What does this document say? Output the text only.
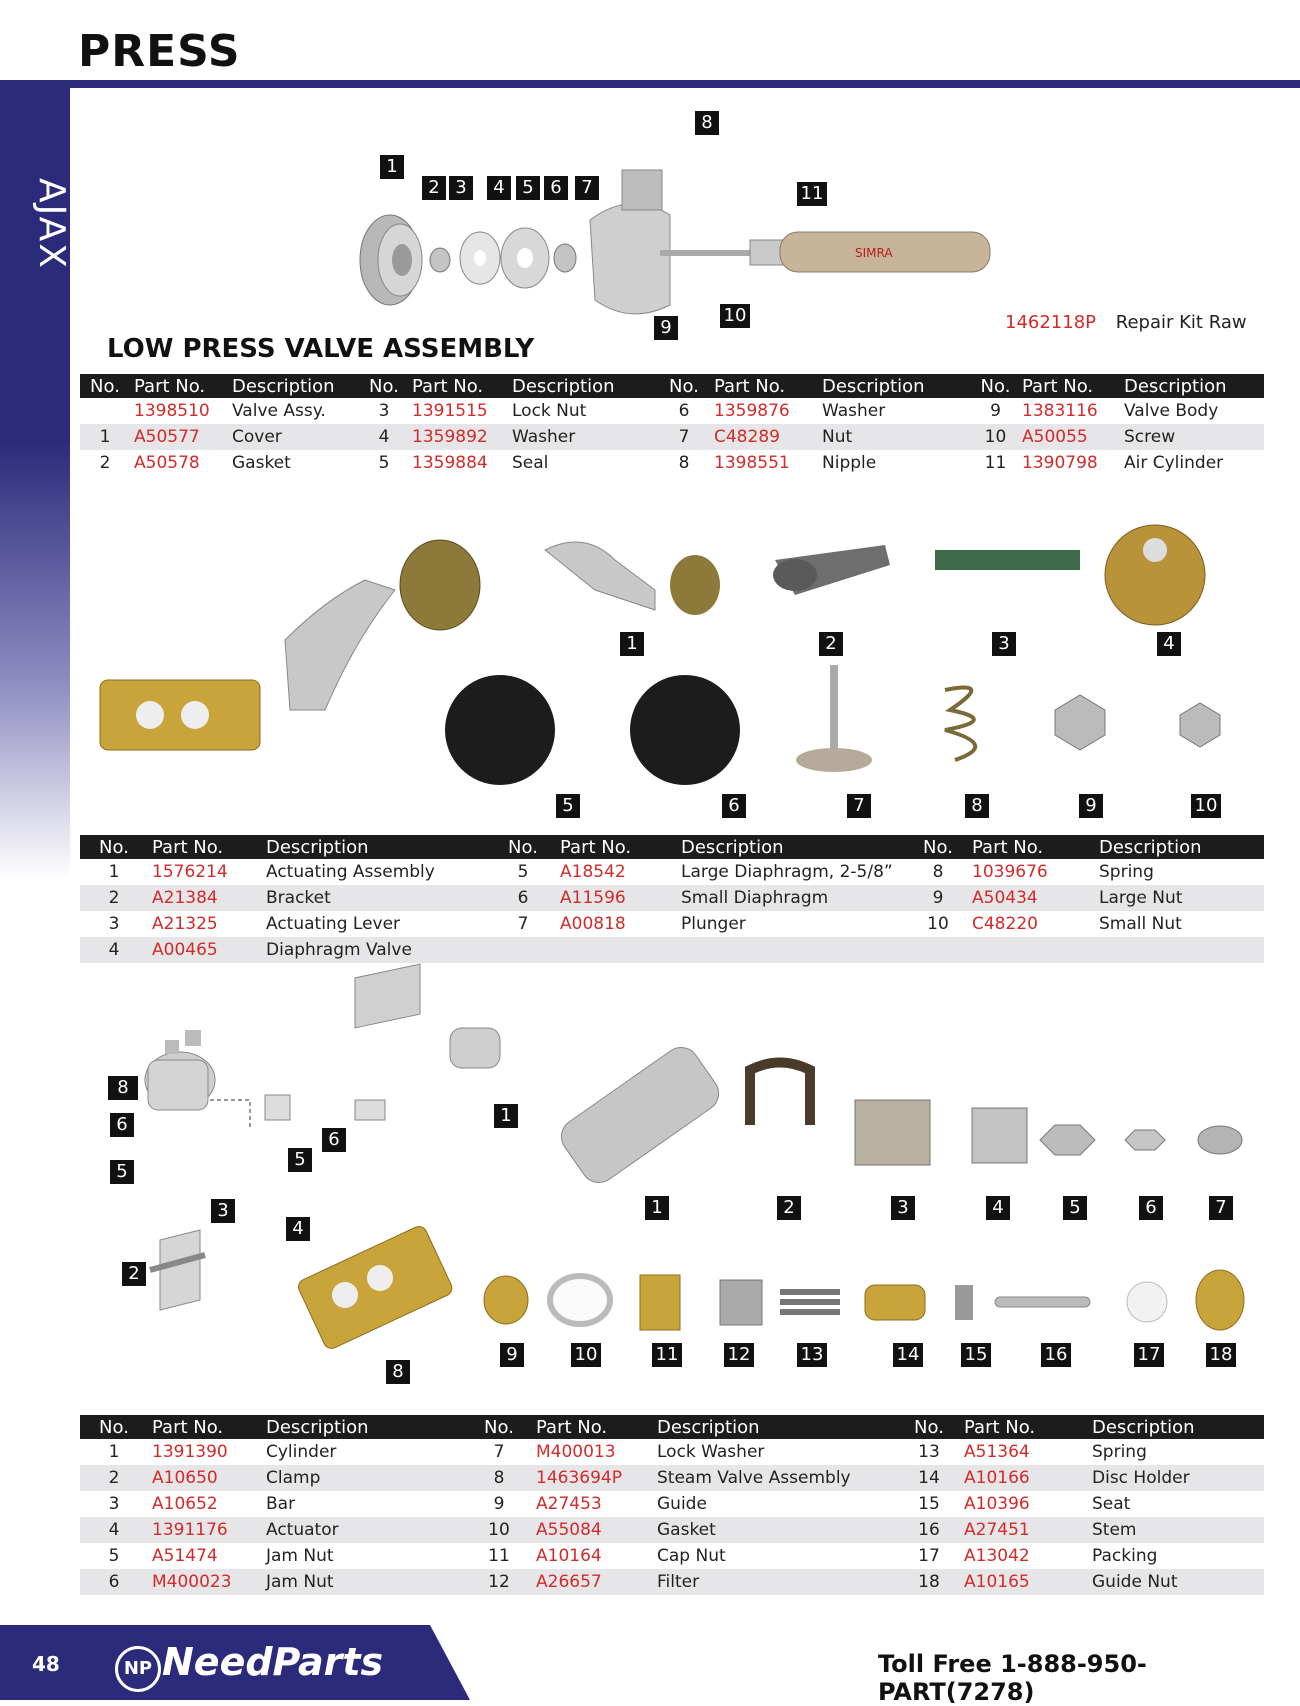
PRESS
AJAX	SIMRA
1
2 3	4 5 6	7
8
9
10
11
1462118P Repair Kit Raw
LOW PRESS VALVE ASSEMBLY
No.	Part No.	Description	No.	Part No.	Description	No.	Part No.	Description	No.	Part No.	Description
	1398510	Valve Assy.	3	1391515	Lock Nut	6	1359876	Washer	9	1383116	Valve Body
1	A50577	Cover	4	1359892	Washer	7	C48289	Nut	10	A50055	Screw
2	A50578	Gasket	5	1359884	Seal	8	1398551	Nipple	11	1390798	Air Cylinder
1	2	3	4
5	6	7	8	9	10
No.	Part No.	Description	No.	Part No.	Description	No.	Part No.	Description
1	1576214	Actuating Assembly	5	A18542	Large Diaphragm, 2-5/8”	8	1039676	Spring
2	A21384	Bracket	6	A11596	Small Diaphragm	9	A50434	Large Nut
3	A21325	Actuating Lever	7	A00818	Plunger	10	C48220	Small Nut
4	A00465	Diaphragm Valve						
8
6
5
3
2
4
5
6
1
8
1	2	3	4	5	6	7
9	10	11	12	13	14	15	16	17	18
No.	Part No.	Description	No.	Part No.	Description	No.	Part No.	Description
1	1391390	Cylinder	7	M400013	Lock Washer	13	A51364	Spring
2	A10650	Clamp	8	1463694P	Steam Valve Assembly	14	A10166	Disc Holder
3	A10652	Bar	9	A27453	Guide	15	A10396	Seat
4	1391176	Actuator	10	A55084	Gasket	16	A27451	Stem
5	A51474	Jam Nut	11	A10164	Cap Nut	17	A13042	Packing
6	M400023	Jam Nut	12	A26657	Filter	18	A10165	Guide Nut
48	NP NeedParts	Toll Free 1-888-950-PART(7278)
